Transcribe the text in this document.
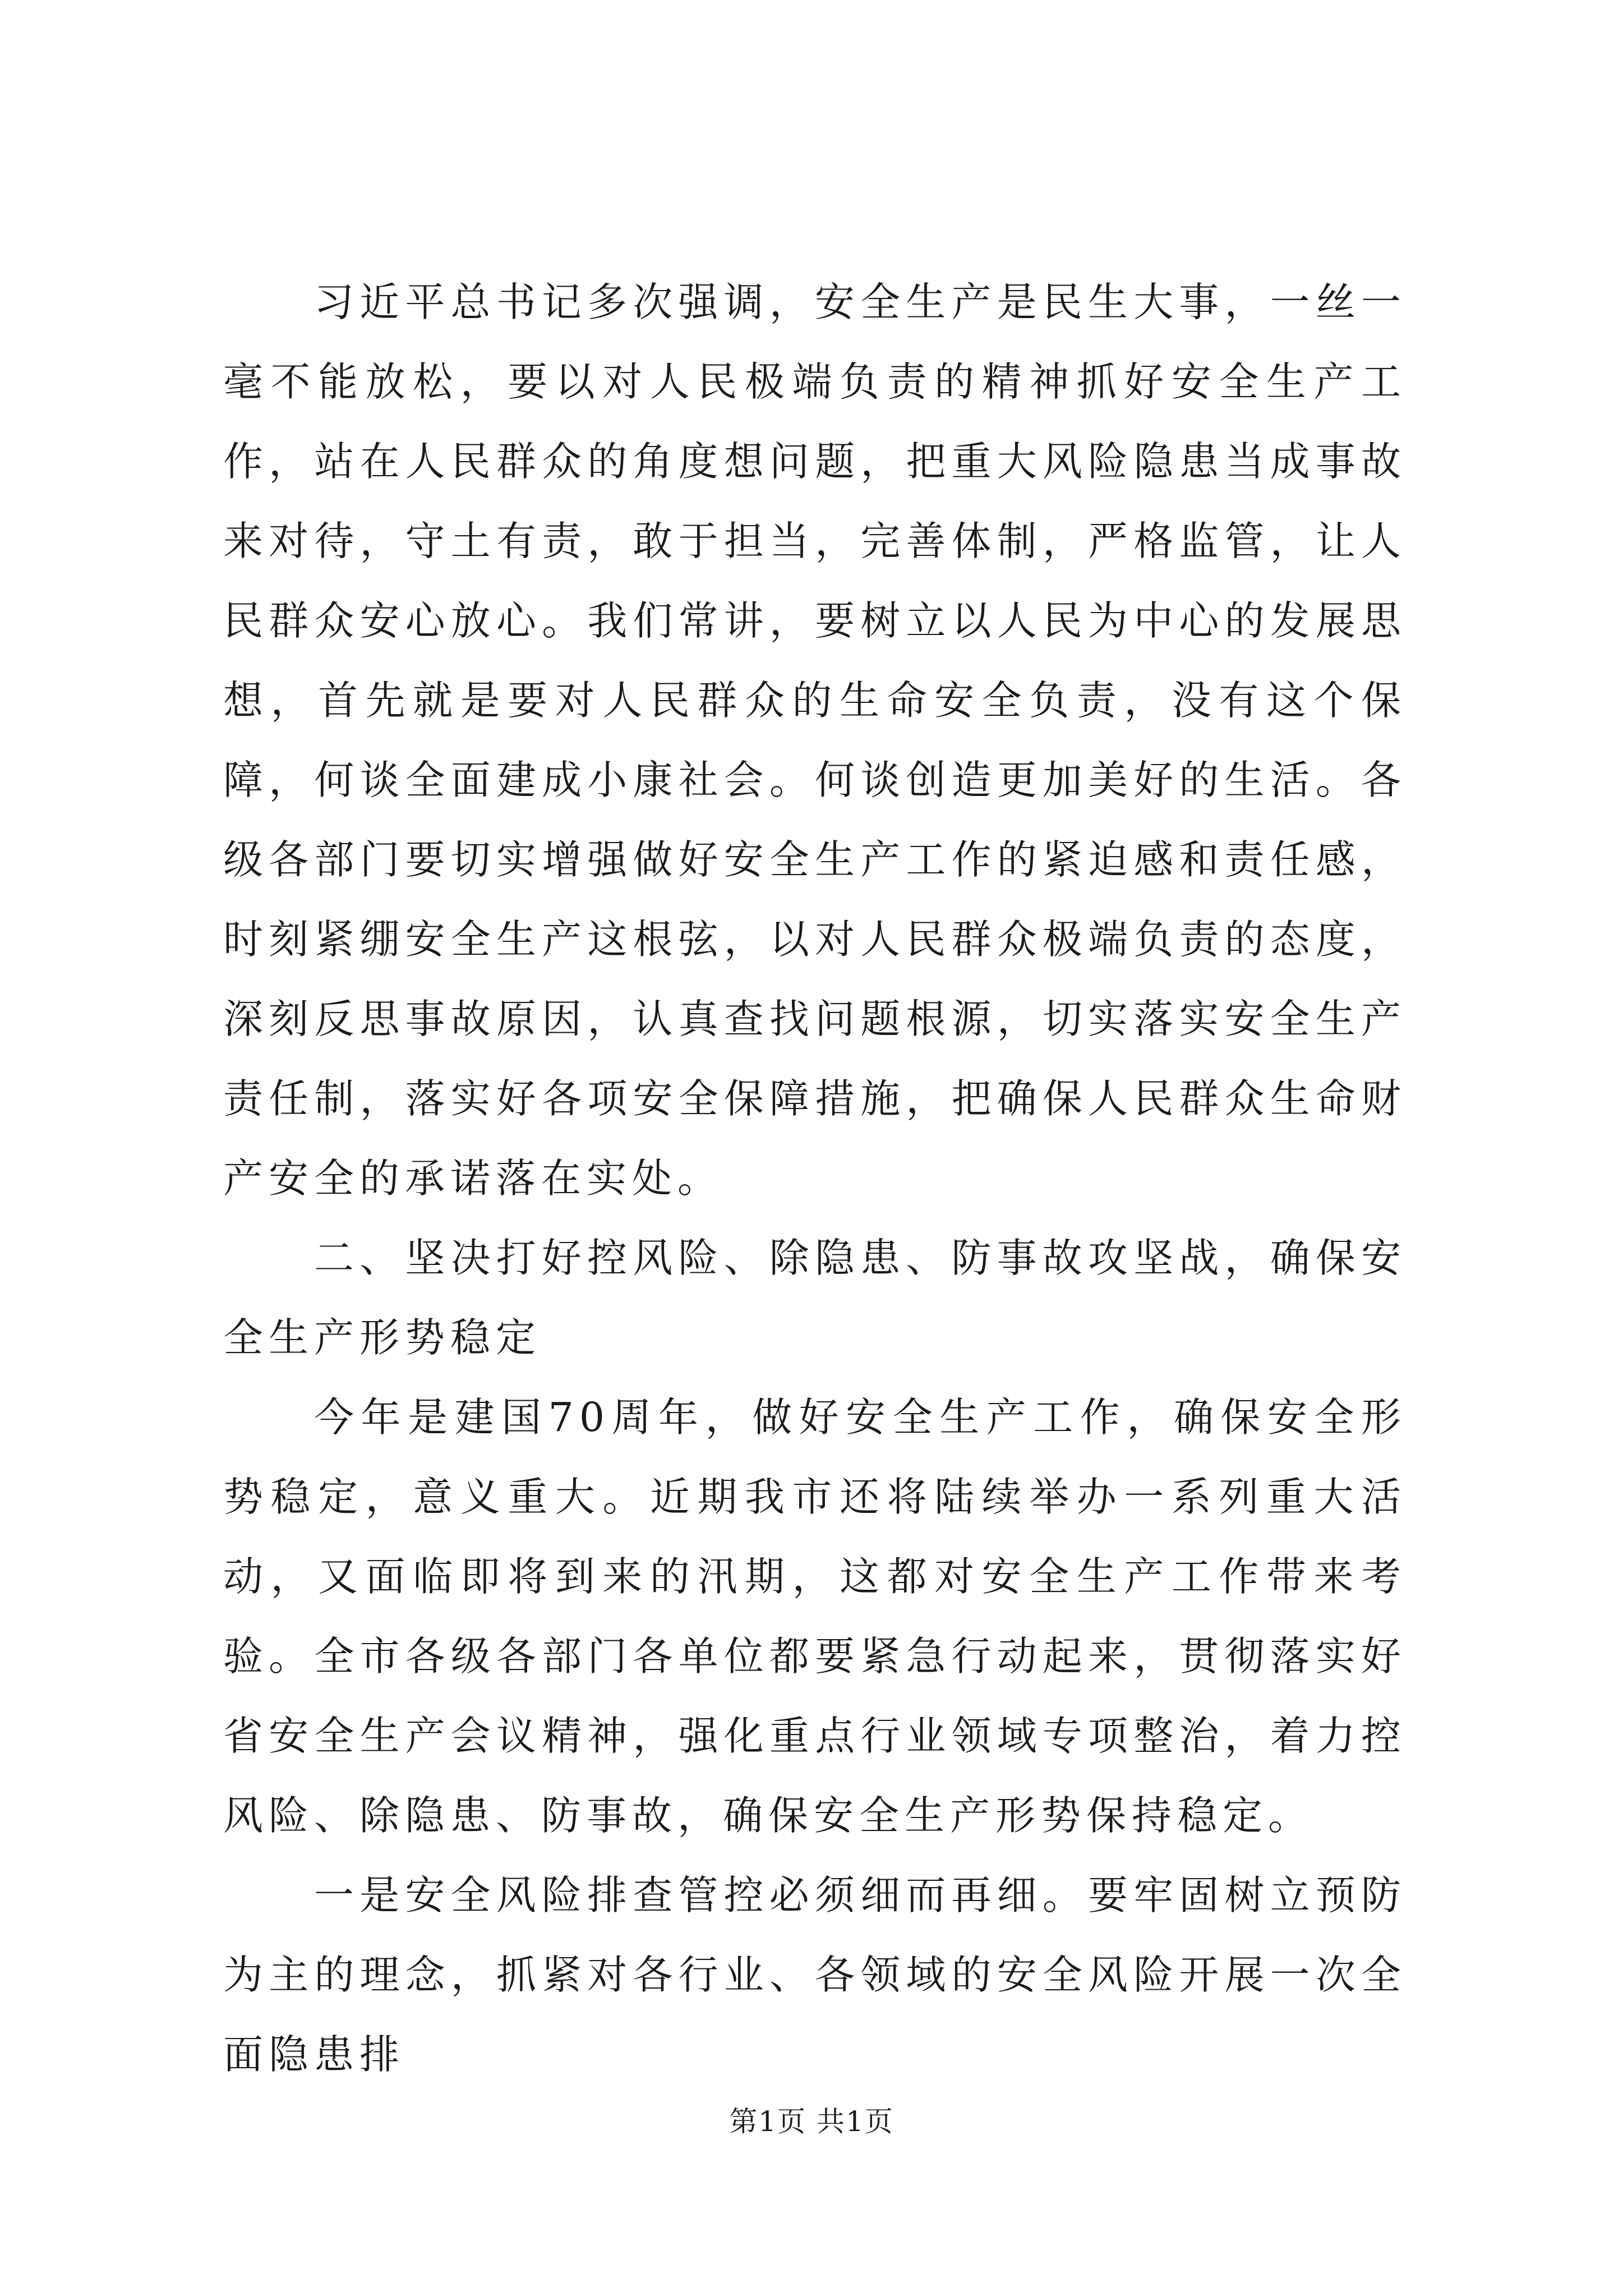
习近平总书记多次强调，安全生产是民生大事，一丝一毫不能放松，要以对人民极端负责的精神抓好安全生产工作，站在人民群众的角度想问题，把重大风险隐患当成事故来对待，守土有责，敢于担当，完善体制，严格监管，让人民群众安心放心。我们常讲，要树立以人民为中心的发展思想，首先就是要对人民群众的生命安全负责，没有这个保障，何谈全面建成小康社会。何谈创造更加美好的生活。各级各部门要切实增强做好安全生产工作的紧迫感和责任感，时刻紧绷安全生产这根弦，以对人民群众极端负责的态度，深刻反思事故原因，认真查找问题根源，切实落实安全生产责任制，落实好各项安全保障措施，把确保人民群众生命财产安全的承诺落在实处。

二、坚决打好控风险、除隐患、防事故攻坚战，确保安全生产形势稳定

今年是建国70周年，做好安全生产工作，确保安全形势稳定，意义重大。近期我市还将陆续举办一系列重大活动，又面临即将到来的汛期，这都对安全生产工作带来考验。全市各级各部门各单位都要紧急行动起来，贯彻落实好省安全生产会议精神，强化重点行业领域专项整治，着力控风险、除隐患、防事故，确保安全生产形势保持稳定。

一是安全风险排查管控必须细而再细。要牢固树立预防为主的理念，抓紧对各行业、各领域的安全风险开展一次全面隐患排

第1页 共1页
